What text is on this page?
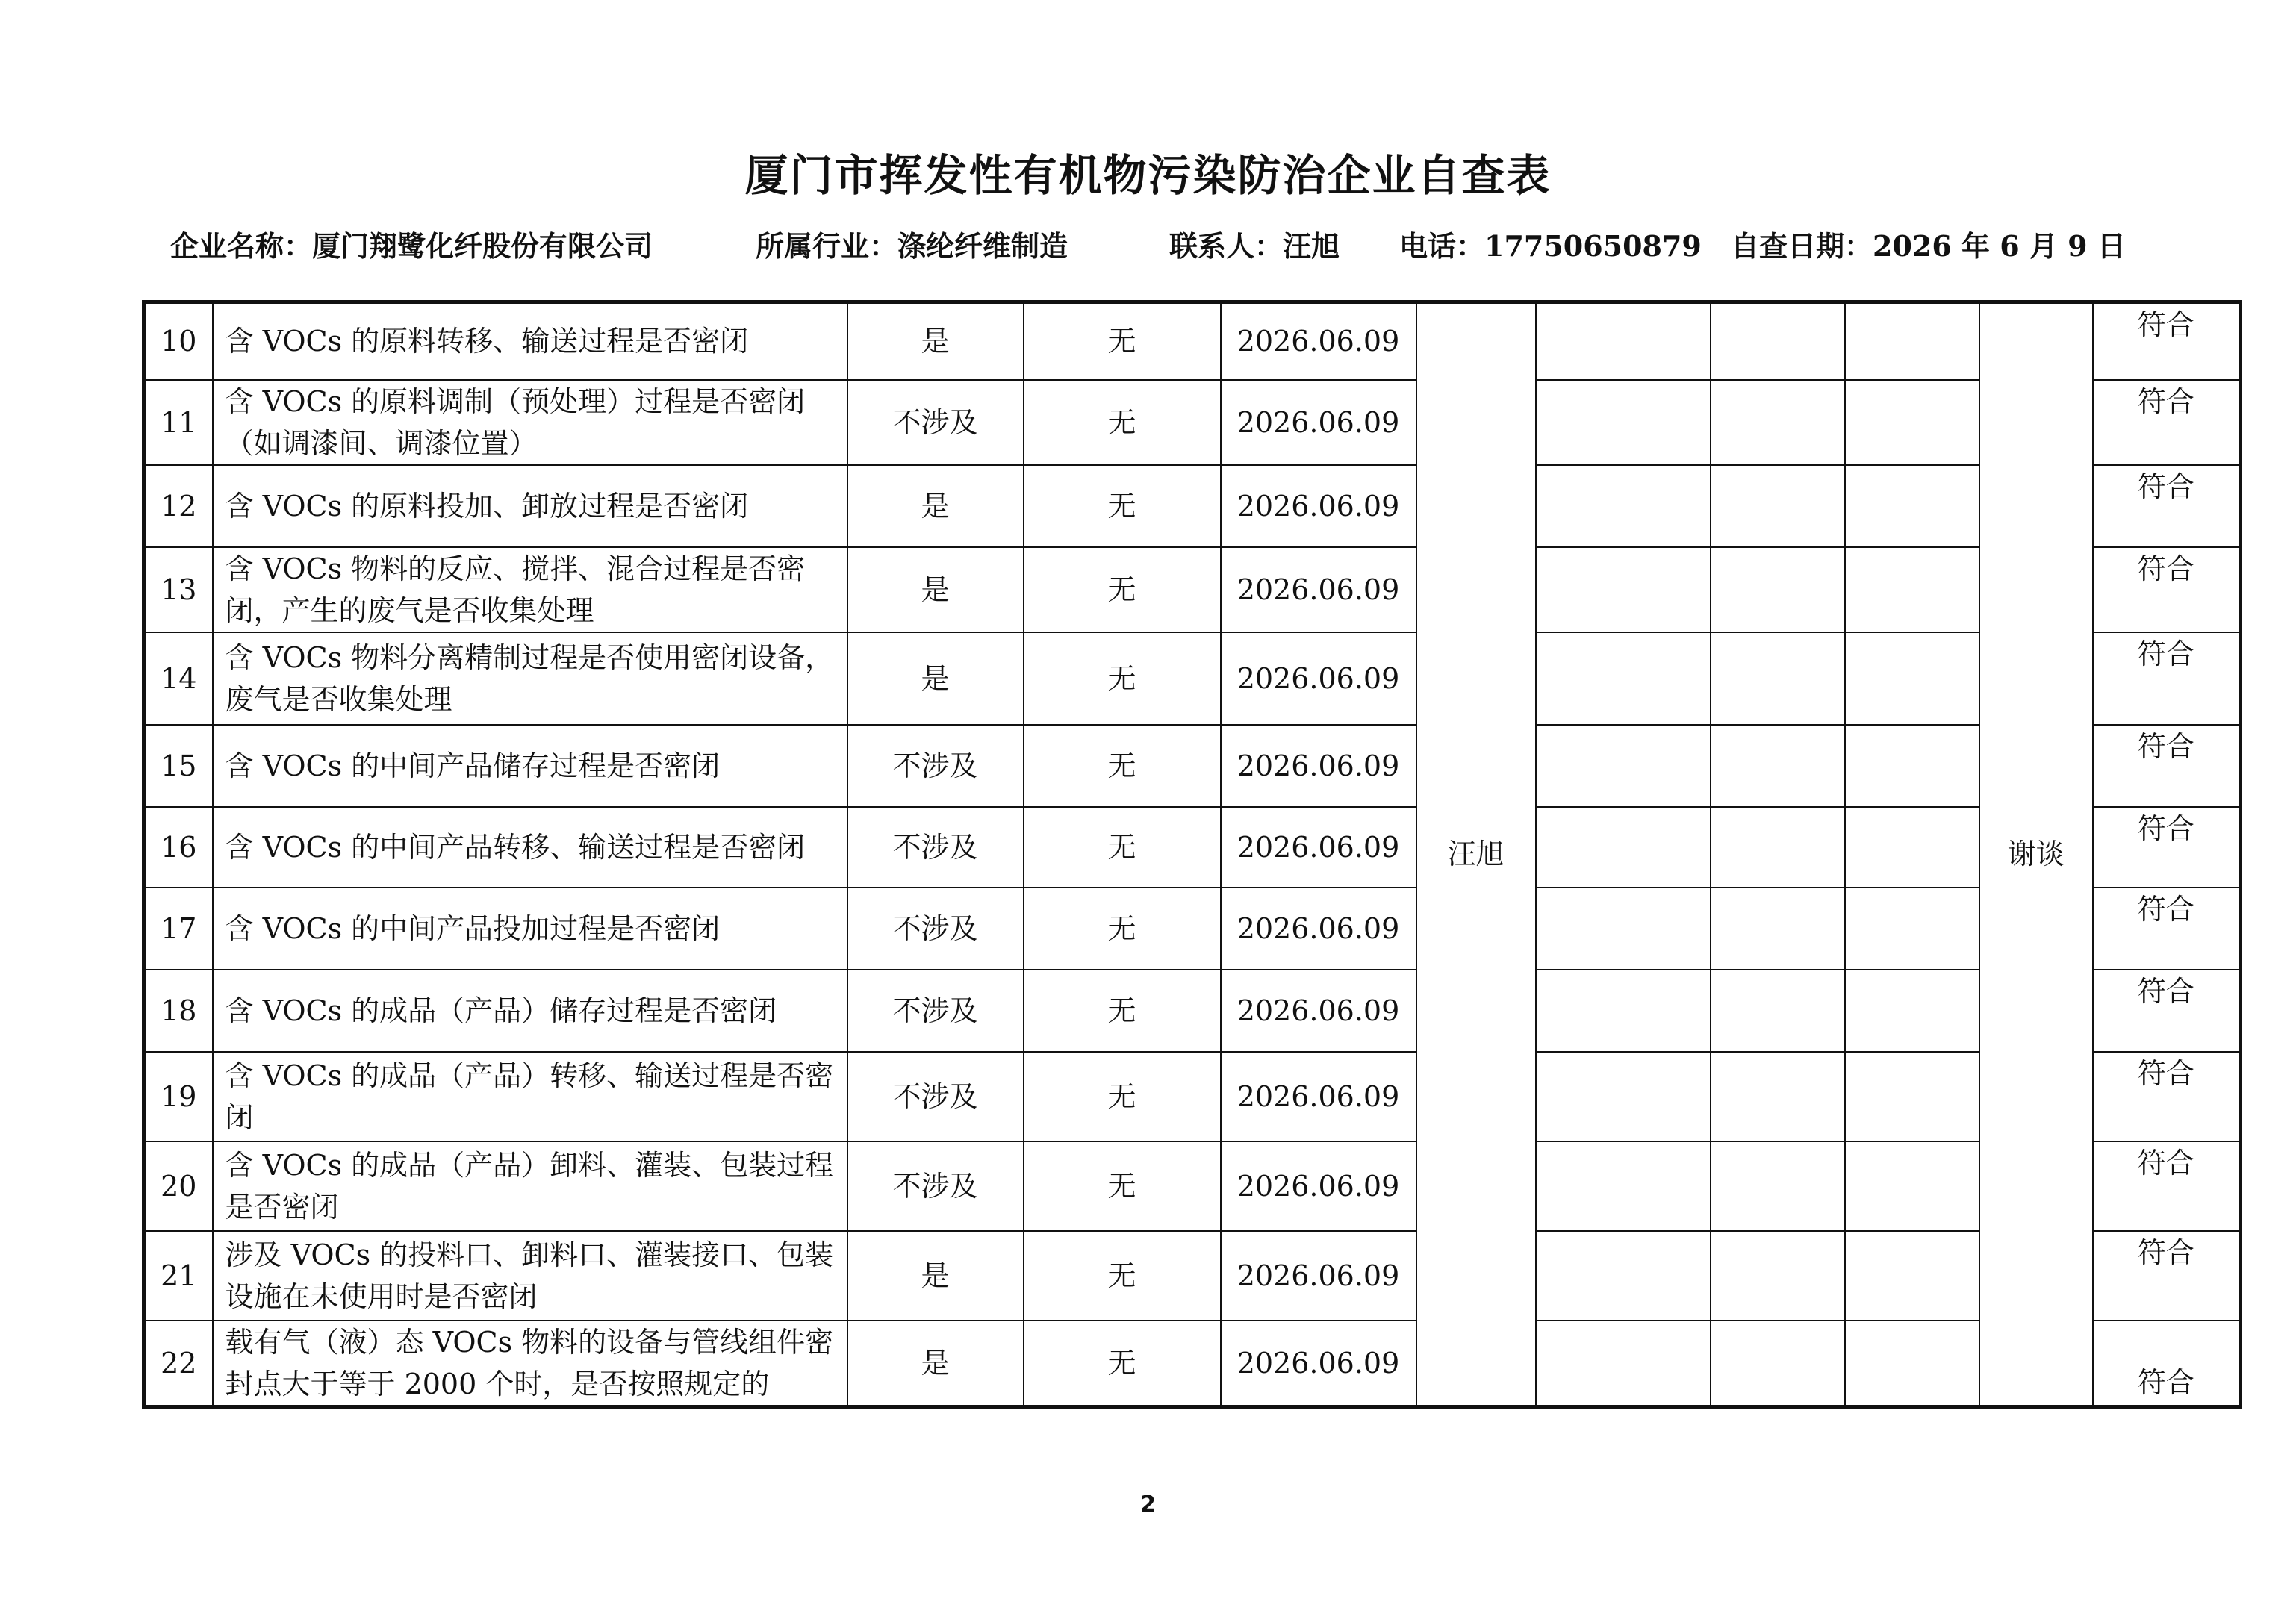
厦门市挥发性有机物污染防治企业自查表
企业名称：厦门翔鹭化纤股份有限公司	所属行业：涤纶纤维制造	联系人：汪旭 电话：17750650879 自查日期：2026 年 6 月 9 日
10	含 VOCs 的原料转移、输送过程是否密闭	是	无	2026.06.09	汪旭				谢谈	符合
11	含 VOCs 的原料调制（预处理）过程是否密闭（如调漆间、调漆位置）	不涉及	无	2026.06.09						符合
12	含 VOCs 的原料投加、卸放过程是否密闭	是	无	2026.06.09						符合
13	含 VOCs 物料的反应、搅拌、混合过程是否密闭，产生的废气是否收集处理	是	无	2026.06.09						符合
14	含 VOCs 物料分离精制过程是否使用密闭设备，废气是否收集处理	是	无	2026.06.09						符合
15	含 VOCs 的中间产品储存过程是否密闭	不涉及	无	2026.06.09						符合
16	含 VOCs 的中间产品转移、输送过程是否密闭	不涉及	无	2026.06.09						符合
17	含 VOCs 的中间产品投加过程是否密闭	不涉及	无	2026.06.09						符合
18	含 VOCs 的成品（产品）储存过程是否密闭	不涉及	无	2026.06.09						符合
19	含 VOCs 的成品（产品）转移、输送过程是否密闭	不涉及	无	2026.06.09						符合
20	含 VOCs 的成品（产品）卸料、灌装、包装过程是否密闭	不涉及	无	2026.06.09						符合
21	涉及 VOCs 的投料口、卸料口、灌装接口、包装设施在未使用时是否密闭	是	无	2026.06.09						符合
22	载有气（液）态 VOCs 物料的设备与管线组件密封点大于等于 2000 个时，是否按照规定的	是	无	2026.06.09						符合
2
